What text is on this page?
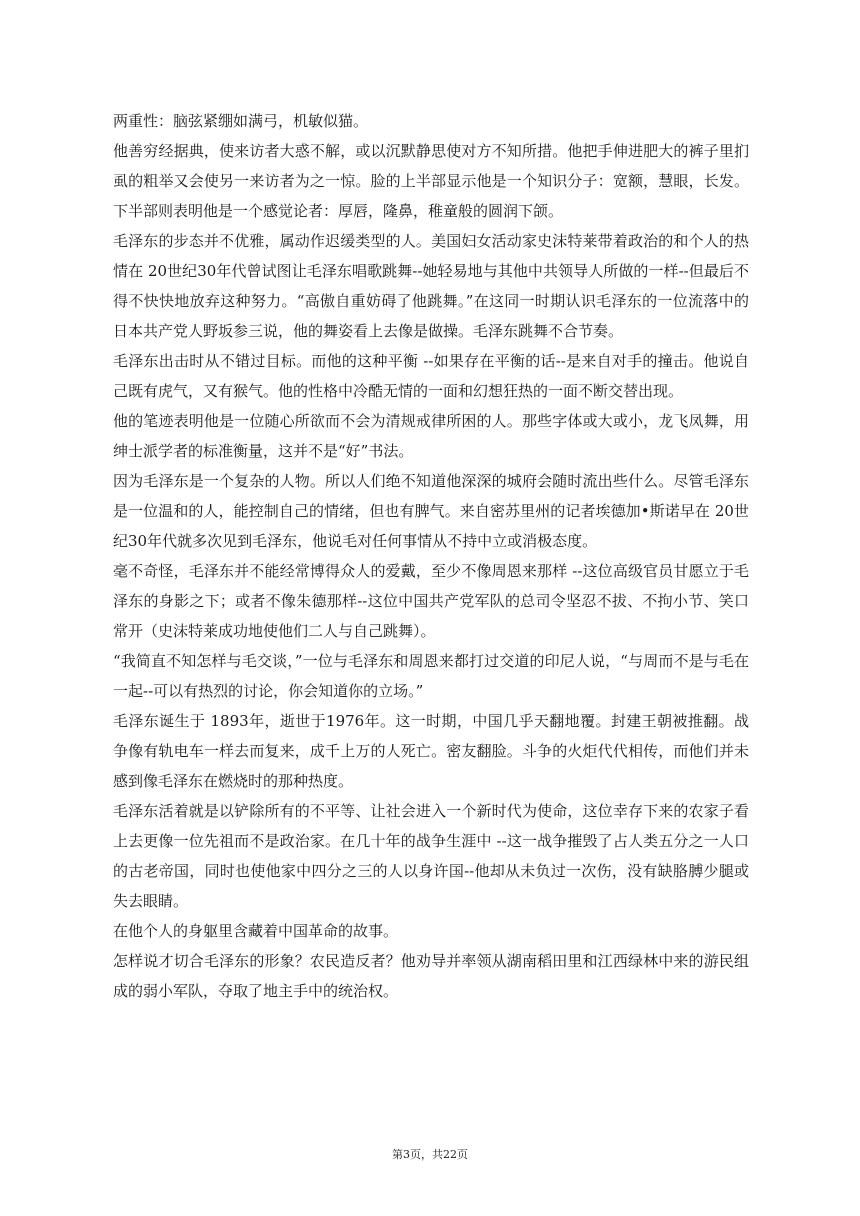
两重性：脑弦紧绷如满弓，机敏似猫。

他善穷经据典，使来访者大惑不解，或以沉默静思使对方不知所措。他把手伸进肥大的裤子里扪虱的粗举又会使另一来访者为之一惊。脸的上半部显示他是一个知识分子：宽额，慧眼，长发。下半部则表明他是一个感觉论者：厚唇，隆鼻，稚童般的圆润下颌。

毛泽东的步态并不优雅，属动作迟缓类型的人。美国妇女活动家史沫特莱带着政治的和个人的热情在 20世纪30年代曾试图让毛泽东唱歌跳舞--她轻易地与其他中共领导人所做的一样--但最后不得不快快地放弃这种努力。“高傲自重妨碍了他跳舞。”在这同一时期认识毛泽东的一位流落中的日本共产党人野坂参三说，他的舞姿看上去像是做操。毛泽东跳舞不合节奏。

毛泽东出击时从不错过目标。而他的这种平衡 --如果存在平衡的话--是来自对手的撞击。他说自己既有虎气，又有猴气。他的性格中冷酷无情的一面和幻想狂热的一面不断交替出现。

他的笔迹表明他是一位随心所欲而不会为清规戒律所困的人。那些字体或大或小，龙飞凤舞，用绅士派学者的标准衡量，这并不是“好”书法。

因为毛泽东是一个复杂的人物。所以人们绝不知道他深深的城府会随时流出些什么。尽管毛泽东是一位温和的人，能控制自己的情绪，但也有脾气。来自密苏里州的记者埃德加•斯诺早在 20世纪30年代就多次见到毛泽东，他说毛对任何事情从不持中立或消极态度。

毫不奇怪，毛泽东并不能经常博得众人的爱戴，至少不像周恩来那样 --这位高级官员甘愿立于毛泽东的身影之下；或者不像朱德那样--这位中国共产党军队的总司令坚忍不拔、不拘小节、笑口常开（史沫特莱成功地使他们二人与自己跳舞）。

“我简直不知怎样与毛交谈，”一位与毛泽东和周恩来都打过交道的印尼人说，“与周而不是与毛在一起--可以有热烈的讨论，你会知道你的立场。”

毛泽东诞生于 1893年，逝世于1976年。这一时期，中国几乎天翻地覆。封建王朝被推翻。战争像有轨电车一样去而复来，成千上万的人死亡。密友翻脸。斗争的火炬代代相传，而他们并未感到像毛泽东在燃烧时的那种热度。

毛泽东活着就是以铲除所有的不平等、让社会进入一个新时代为使命，这位幸存下来的农家子看上去更像一位先祖而不是政治家。在几十年的战争生涯中 --这一战争摧毁了占人类五分之一人口的古老帝国，同时也使他家中四分之三的人以身许国--他却从未负过一次伤，没有缺胳膊少腿或失去眼睛。

在他个人的身躯里含藏着中国革命的故事。

怎样说才切合毛泽东的形象？农民造反者？他劝导并率领从湖南稻田里和江西绿林中来的游民组成的弱小军队，夺取了地主手中的统治权。

第3页，共22页
